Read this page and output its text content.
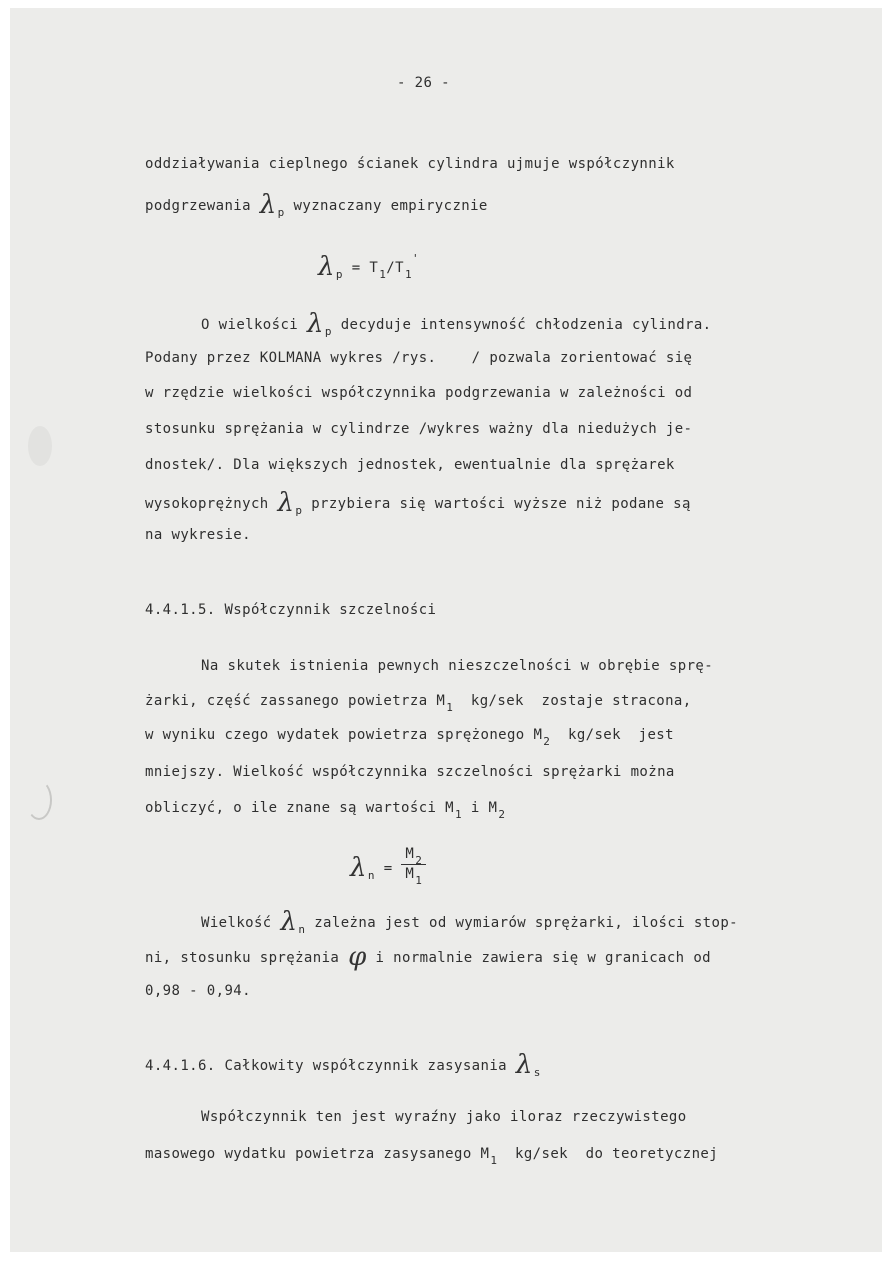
- 26 -
oddziaływania cieplnego ścianek cylindra ujmuje współczynnik
podgrzewania $\lambda_p$ wyznaczany empirycznie
$\lambda_p = T_1/T_1'$
O wielkości $\lambda_p$ decyduje intensywność chłodzenia cylindra.
Podany przez KOLMANA wykres /rys.    / pozwala zorientować się
w rzędzie wielkości współczynnika podgrzewania w zależności od
stosunku sprężania w cylindrze /wykres ważny dla niedużych je-
dnostek/. Dla większych jednostek, ewentualnie dla sprężarek
wysokoprężnych $\lambda_p$ przybiera się wartości wyższe niż podane są
na wykresie.
4.4.1.5. Współczynnik szczelności
Na skutek istnienia pewnych nieszczelności w obrębie sprę-
żarki, część zassanego powietrza $M_1$  kg/sek  zostaje stracona,
w wyniku czego wydatek powietrza sprężonego $M_2$  kg/sek  jest
mniejszy. Wielkość współczynnika szczelności sprężarki można
obliczyć, o ile znane są wartości $M_1$ i $M_2$
$\lambda_n = \frac{M_2}{M_1}$
Wielkość $\lambda_n$ zależna jest od wymiarów sprężarki, ilości stop-
ni, stosunku sprężania φ i normalnie zawiera się w granicach od
0,98 - 0,94.
4.4.1.6. Całkowity współczynnik zasysania $\lambda_s$
Współczynnik ten jest wyraźny jako iloraz rzeczywistego
masowego wydatku powietrza zasysanego $M_1$  kg/sek  do teoretycznej
